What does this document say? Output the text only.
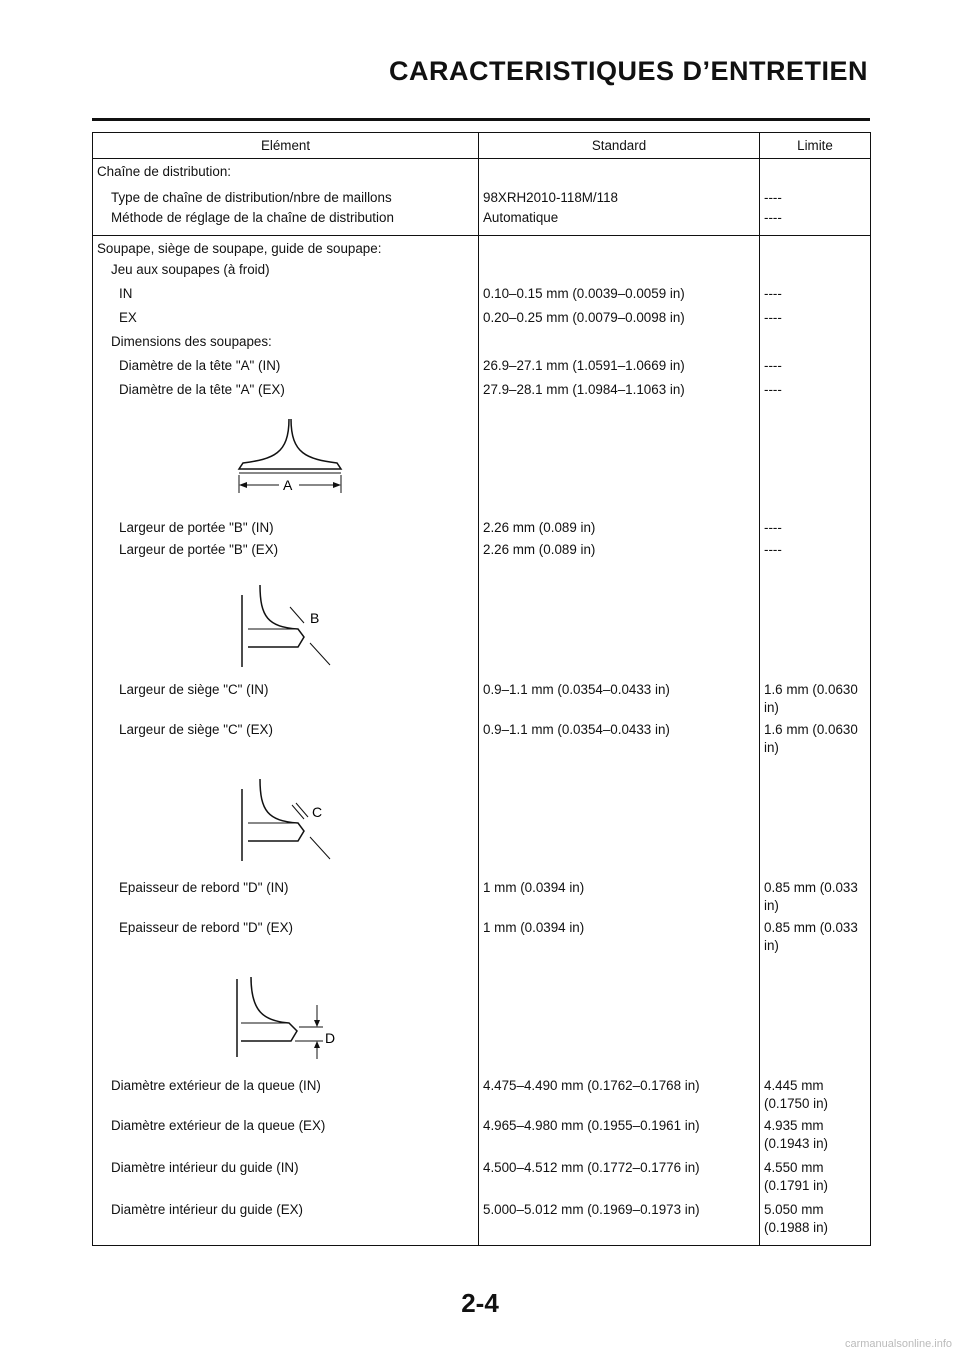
CARACTERISTIQUES D’ENTRETIEN
Elément	Standard	Limite
Chaîne de distribution:		
Type de chaîne de distribution/nbre de maillons	98XRH2010-118M/118	----
Méthode de réglage de la chaîne de distribution	Automatique	----
Soupape, siège de soupape, guide de soupape:		
Jeu aux soupapes (à froid)		
IN	0.10–0.15 mm (0.0039–0.0059 in)	----
EX	0.20–0.25 mm (0.0079–0.0098 in)	----
Dimensions des soupapes:		
Diamètre de la tête "A" (IN)	26.9–27.1 mm (1.0591–1.0669 in)	----
Diamètre de la tête "A" (EX)	27.9–28.1 mm (1.0984–1.1063 in)	----

A		

Largeur de portée "B" (IN)	2.26 mm (0.089 in)	----
Largeur de portée "B" (EX)	2.26 mm (0.089 in)	----

B		

Largeur de siège "C" (IN)	0.9–1.1 mm (0.0354–0.0433 in)	1.6 mm (0.0630 in)
Largeur de siège "C" (EX)	0.9–1.1 mm (0.0354–0.0433 in)	1.6 mm (0.0630 in)

C		

Epaisseur de rebord "D" (IN)	1 mm (0.0394 in)	0.85 mm (0.033 in)
Epaisseur de rebord "D" (EX)	1 mm (0.0394 in)	0.85 mm (0.033 in)

D		

Diamètre extérieur de la queue (IN)	4.475–4.490 mm (0.1762–0.1768 in)	4.445 mm (0.1750 in)
Diamètre extérieur de la queue (EX)	4.965–4.980 mm (0.1955–0.1961 in)	4.935 mm (0.1943 in)
Diamètre intérieur du guide (IN)	4.500–4.512 mm (0.1772–0.1776 in)	4.550 mm (0.1791 in)
Diamètre intérieur du guide (EX)	5.000–5.012 mm (0.1969–0.1973 in)	5.050 mm (0.1988 in)
2-4
carmanualsonline.info
